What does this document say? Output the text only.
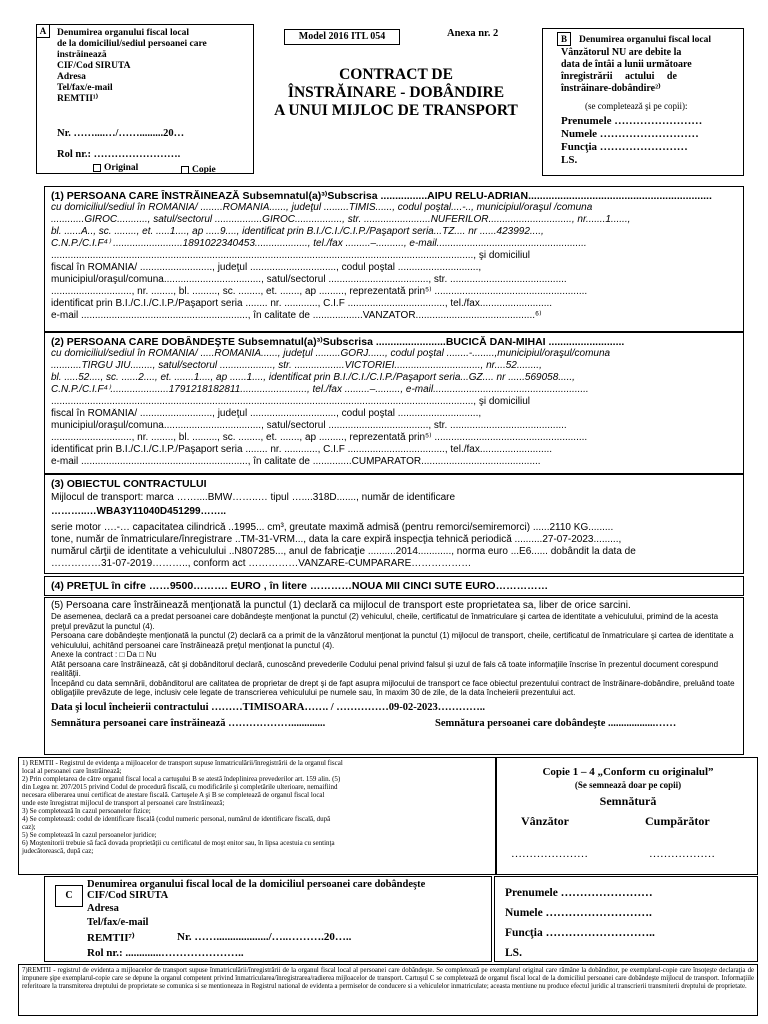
A	Denumirea organului fiscal local
de la domiciliul/sediul persoanei care
instrăinează
CIF/Cod SIRUTA
Adresa
Tel/fax/e-mail
REMTII¹⁾
Nr. ……....…/…….........20…
Rol nr.: …………………….
Original	Copie
Model 2016 ITL 054	Anexa nr. 2
CONTRACT DE
ÎNSTRĂINARE - DOBÂNDIRE
A UNUI MIJLOC DE TRANSPORT
B	Denumirea organului fiscal local
Vânzătorul NU are debite la
data de întâi a lunii următoare
înregistrării actului de
înstrăinare-dobândire²⁾
(se completează şi pe copii):
Prenumele ……………………
Numele ………………………
Funcţia ……………………
LS.
(1) PERSOANA CARE ÎNSTRĂINEAZĂ Subsemnatul(a)³⁾Subscrisa ................AIPU RELU-ADRIAN...............................................................
cu domiciliul/sediul în ROMÂNIA/ ........ROMANIA......, judeţul .........TIMIS......, codul poştal....-.., municipiul/oraşul /comuna
............GIROC..........., satul/sectorul .................GIROC................., str. ........................NUFERILOR.............................., nr.......1......,
bl. ......A.., sc. ........, et. .....1...., ap .....9...., identificat prin B.I./C.I./C.I.P./Paşaport seria...TZ.... nr ......423992....,
C.N.P./C.I.F⁴⁾ .........................1891022340453..................., tel./fax .........–.........., e-mail......................................................
........................................................................................................................................................, şi domiciliul
fiscal în ROMÂNIA/ .........................., judeţul ..............................., codul poştal .............................,
municipiul/oraşul/comuna..................................., satul/sectorul ...................................., str. ..........................................
............................., nr. ........, bl. ........., sc. ........, et. ......., ap ........., reprezentată prin⁵⁾ .......................................................
identificat prin B.I./C.I./C.I.P./Paşaport seria ........ nr. ............, C.I.F ..................................., tel./fax..........................
e-mail ............................................................, în calitate de ..................VANZATOR...........................................⁶⁾
(2) PERSOANA CARE DOBÂNDEŞTE Subsemnatul(a)³⁾Subscrisa ........................BUCICĂ DAN-MIHAI ..........................
cu domiciliul/sediul în ROMÂNIA/ .....ROMANIA......, judeţul .........GORJ......, codul poştal ........-........,municipiul/oraşul/comuna
...........TÎRGU JIU........, satul/sectorul ..................., str. ..................VICTORIEI..............................., nr....52........,
bl. .....52...., sc. ......2...., et. .......1...., ap ......1...., identificat prin B.I./C.I./C.I.P./Paşaport seria...GZ.... nr ......569058.....,
C.N.P./C.I.F⁴⁾.....................1791218182811........................, tel./fax .........–........., e-mail........................................................
........................................................................................................................................................, şi domiciliul
fiscal în ROMÂNIA/ .........................., judeţul ..............................., codul poştal .............................,
municipiul/oraşul/comuna..................................., satul/sectorul ...................................., str. ..........................................
............................., nr. ........, bl. ........., sc. ........, et. ......., ap ........., reprezentată prin⁵⁾ .......................................................
identificat prin B.I./C.I./C.I.P./Paşaport seria ........ nr. ............, C.I.F ..................................., tel./fax..........................
e-mail ............................................................, în calitate de ..............CUMPARATOR...........................................
(3) OBIECTUL CONTRACTULUI
Mijlocul de transport: marca ……....BMW……..… tipul …....318D......., număr de identificare
………..…WBA3Y11040D451299……..
serie motor ….-… capacitatea cilindrică ..1995... cm³, greutate maximă admisă (pentru remorci/semiremorci) ......2110 KG.........
tone, număr de înmatriculare/înregistrare ..TM-31-VRM..., data la care expiră inspecţia tehnică periodică ..........27-07-2023.........,
numărul cărţii de identitate a vehiculului ..N807285..., anul de fabricaţie ..........2014............, norma euro ...E6...... dobândit la data de
……………31-07-2019……….., conform act ……………VANZARE-CUMPARARE………………
(4) PREŢUL în cifre ……9500………. EURO , în litere …………NOUA MII CINCI SUTE EURO……………
(5) Persoana care înstrăinează menţionată la punctul (1) declară ca mijlocul de transport este proprietatea sa, liber de orice sarcini.
De asemenea, declară ca a predat persoanei care dobândeşte menţionat la punctul (2) vehiculul, cheile, certificatul de înmatriculare şi cartea de identitate a vehiculului, primind de la acesta preţul prevăzut la punctul (4).
Persoana care dobândeşte menţionată la punctul (2) declară ca a primit de la vânzătorul menţionat la punctul (1) mijlocul de transport, cheile, certificatul de înmatriculare şi cartea de identitate a vehiculului, achitând persoanei care înstrăinează preţul menţionat la punctul (4).
Anexe la contract : □ Da □ Nu
Atât persoana care înstrăinează, cât şi dobânditorul declară, cunoscând prevederile Codului penal privind falsul şi uzul de fals că toate informaţiile înscrise în prezentul document corespund realităţii.
Începând cu data semnării, dobânditorul are calitatea de proprietar de drept şi de fapt asupra mijlocului de transport ce face obiectul prezentului contract de înstrăinare-dobândire, preluând toate obligaţiile prevăzute de lege, inclusiv cele legate de transcrierea vehiculului pe numele sau, în maxim 30 de zile, de la data încheierii prezentului act.
Data şi locul încheierii contractului ………TIMISOARA……. / ……………09-02-2023…………..
Semnătura persoanei care înstrăinează ……………….............	Semnătura persoanei care dobândeşte ..................……
1) REMTII - Registrul de evidenţa a mijloacelor de transport supuse înmatriculării/înregistrării de la organul fiscal
local al persoanei care înstrăinează;
2) Prin completarea de către organul fiscal local a cartuşului B se atestă îndeplinirea prevederilor art. 159 alin. (5)
din Legea nr. 207/2015 privind Codul de procedură fiscală, cu modificările şi completările ulterioare, nemaifiind
necesara eliberarea unui certificat de atestare fiscală. Cartuşele A şi B se completează de organul fiscal local
unde este înregistrat mijlocul de transport al persoanei care înstrăinează;
3) Se completează în cazul persoanelor fizice;
4) Se completează: codul de identificare fiscală (codul numeric personal, numărul de identificare fiscală, după
caz);
5) Se completează în cazul persoanelor juridice;
6) Moştenitorii trebuie să facă dovada proprietăţii cu certificatul de moşt enitor sau, în lipsa acestuia cu sentinţa
judecătorească, după caz;
Copie 1 – 4 „Conform cu originalul”
(Se semnează doar pe copii)
Semnătură
Vânzător	Cumpărător
…………………	………………
C
Denumirea organului fiscal local de la domiciliul persoanei care dobândeşte
CIF/Cod SIRUTA
Adresa
Tel/fax/e-mail
REMTII⁷⁾	Nr. …….................../…..……….20…..
Rol nr.: .............…………………..
Prenumele ……………………
Numele ……………………….
Funcţia ………………………..
LS.
7)REMTII - registrul de evidenta a mijloacelor de transport supuse înmatriculării/înregistrării de la organul fiscal local al persoanei care dobândeşte. Se completează pe exemplarul original care rămâne la dobânditor, pe exemplarul-copie care însoţeşte declaraţia de impunere şipe exemplarul-copie care se depune la organul competent privind înmatricularea/înregistrarea/radierea mijloacelor de transport. Cartuşul C se completează de organul fiscal local de la domiciliul persoanei care dobândeşte mijlocul de transport. Informaţiile referitoare la transmiterea dreptului de proprietate se comunica si se mentioneaza in Registrul national de evidenta a permiselor de conducere si a vehiculelor inmatriculate; aceasta mentiune nu produce efectul juridic al transcrierii transmiterii dreptului de proprietate.
